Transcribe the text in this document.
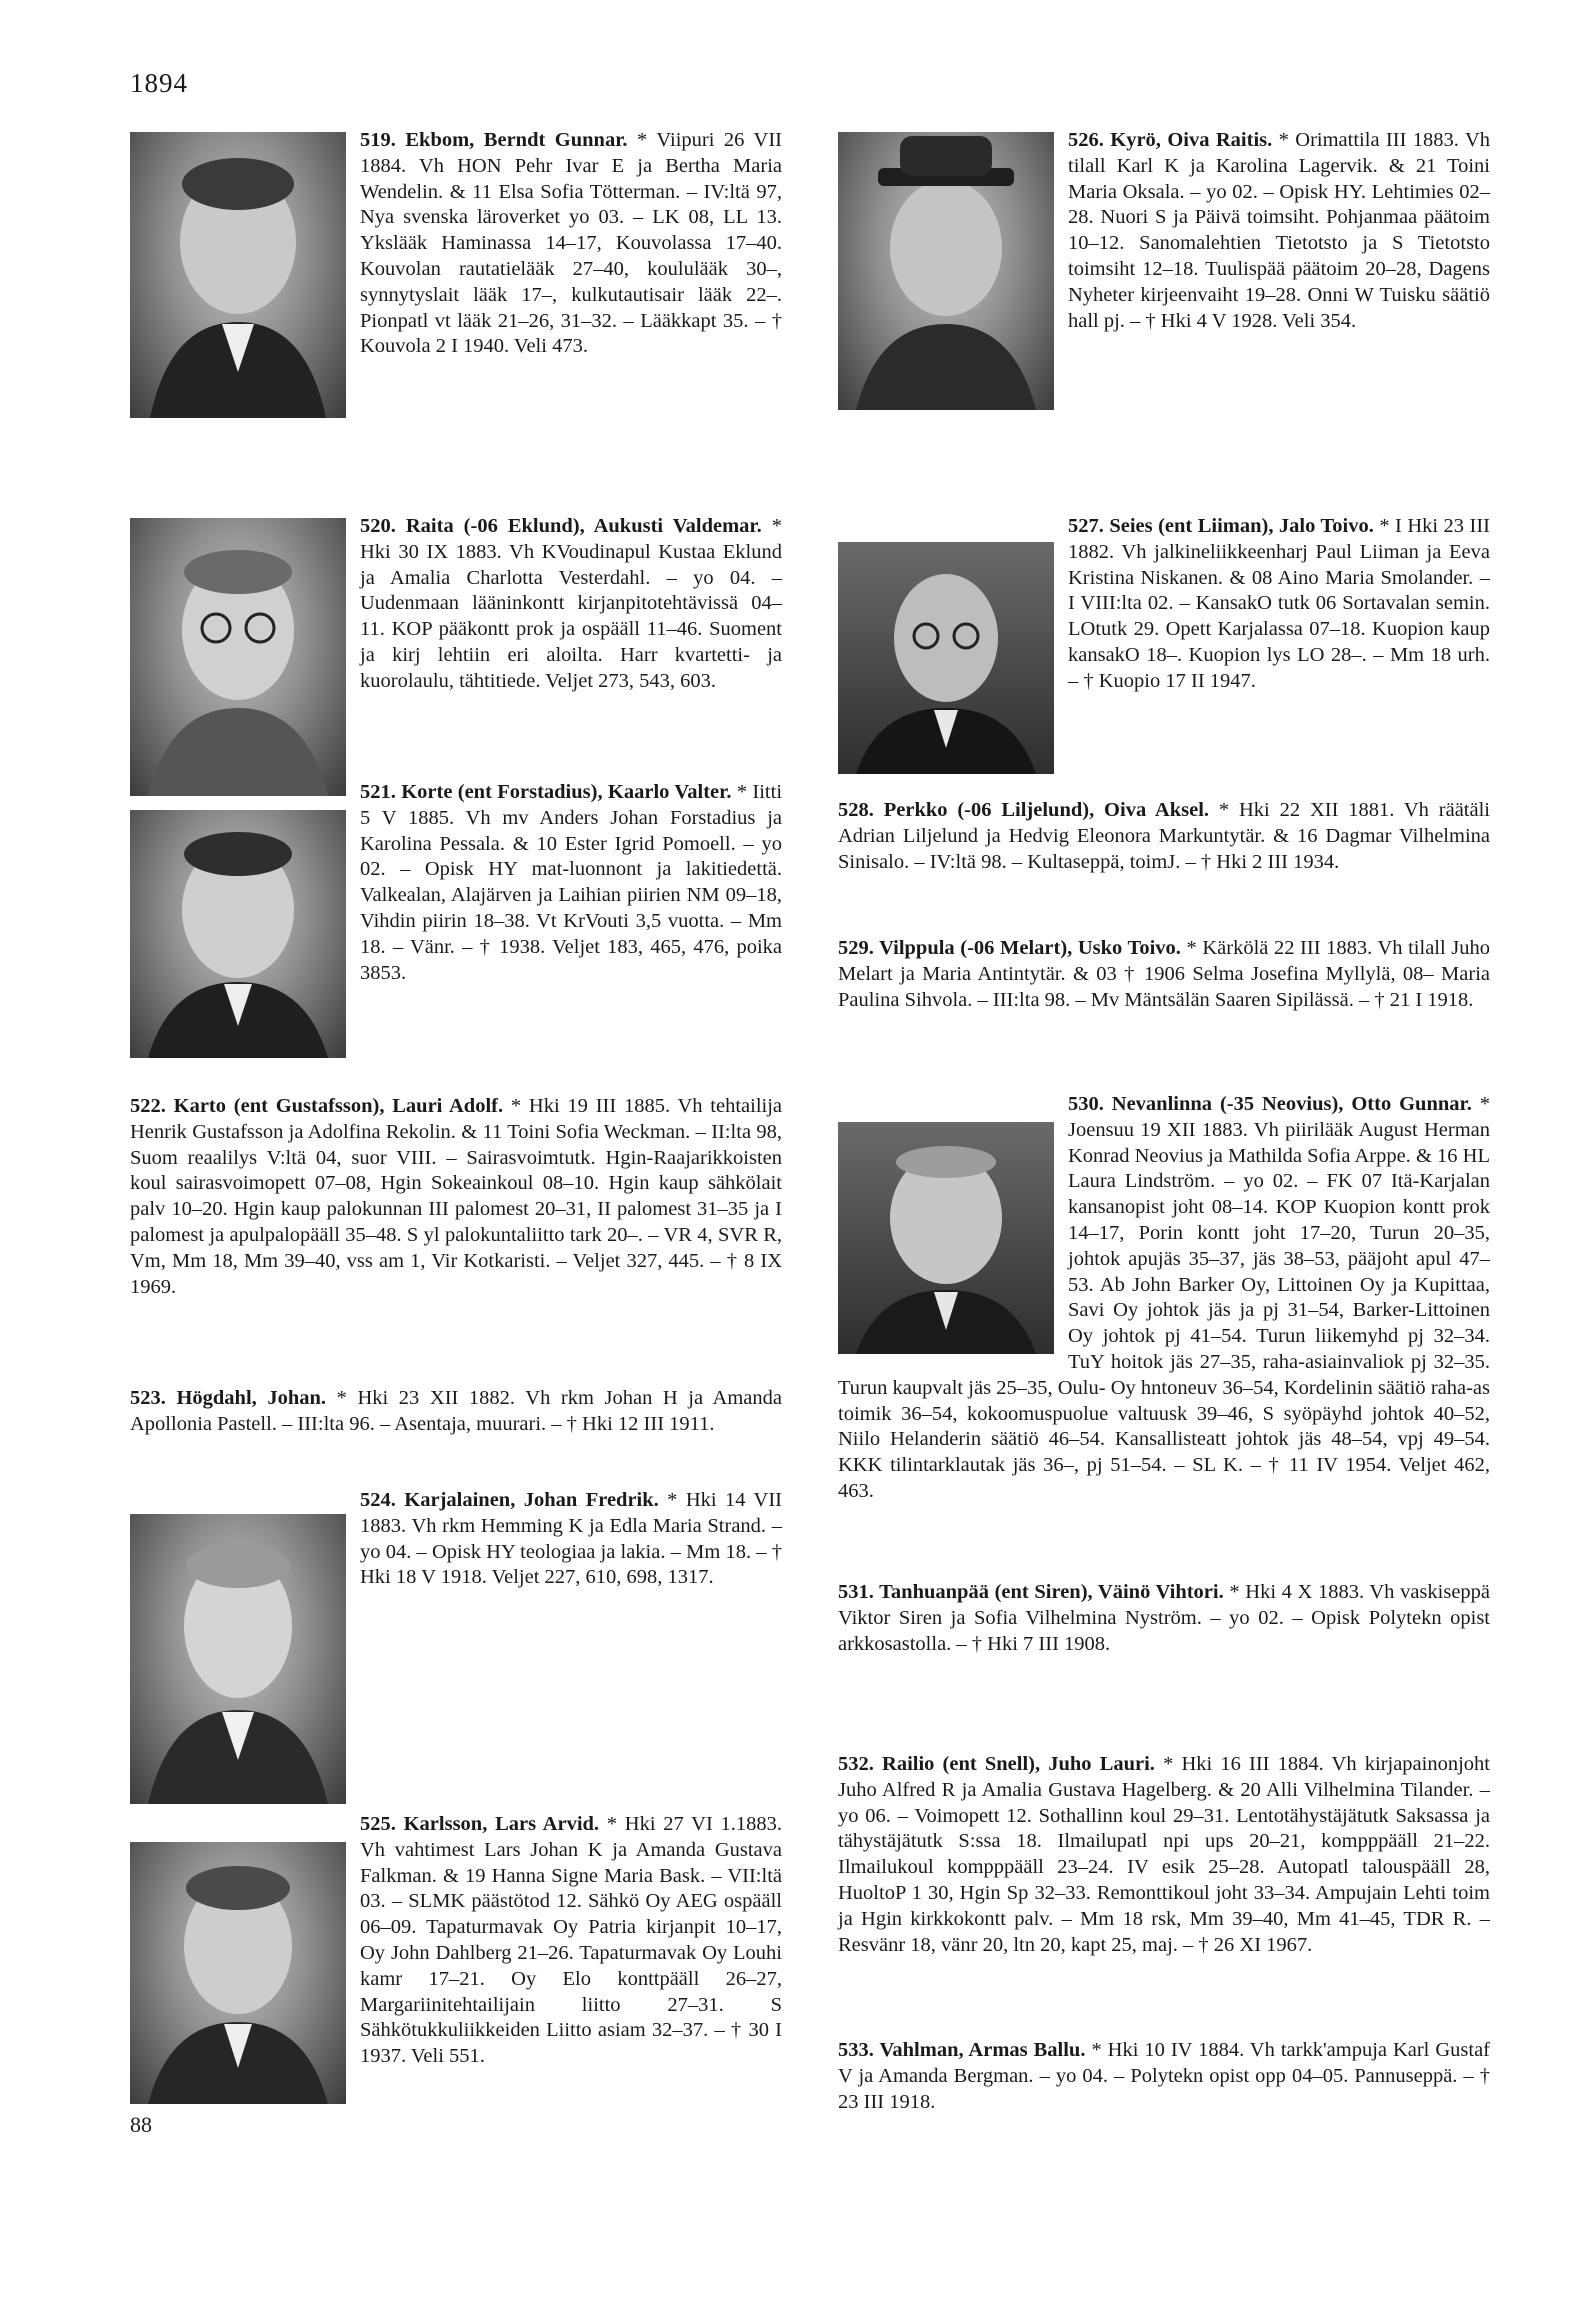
1894
519. Ekbom, Berndt Gunnar. * Viipuri 26 VII 1884. Vh HON Pehr Ivar E ja Bertha Maria Wendelin. & 11 Elsa Sofia Tötterman. – IV:ltä 97, Nya svenska läroverket yo 03. – LK 08, LL 13. Ykslääk Haminassa 14–17, Kouvolassa 17–40. Kouvolan rautatielääk 27–40, koululääk 30–, synnytyslait lääk 17–, kulkutautisair lääk 22–. Pionpatl vt lääk 21–26, 31–32. – Lääkkapt 35. – † Kouvola 2 I 1940. Veli 473.
520. Raita (-06 Eklund), Aukusti Valdemar. * Hki 30 IX 1883. Vh KVoudinapul Kustaa Eklund ja Amalia Charlotta Vesterdahl. – yo 04. – Uudenmaan lääninkontt kirjanpitotehtävissä 04–11. KOP pääkontt prok ja ospääll 11–46. Suoment ja kirj lehtiin eri aloilta. Harr kvartetti- ja kuorolaulu, tähtitiede. Veljet 273, 543, 603.
521. Korte (ent Forstadius), Kaarlo Valter. * Iitti 5 V 1885. Vh mv Anders Johan Forstadius ja Karolina Pessala. & 10 Ester Igrid Pomoell. – yo 02. – Opisk HY mat-luonnont ja lakitiedettä. Valkealan, Alajärven ja Laihian piirien NM 09–18, Vihdin piirin 18–38. Vt KrVouti 3,5 vuotta. – Mm 18. – Vänr. – † 1938. Veljet 183, 465, 476, poika 3853.
522. Karto (ent Gustafsson), Lauri Adolf. * Hki 19 III 1885. Vh tehtailija Henrik Gustafsson ja Adolfina Rekolin. & 11 Toini Sofia Weckman. – II:lta 98, Suom reaalilys V:ltä 04, suor VIII. – Sairasvoimtutk. Hgin-Raajarikkoisten koul sairasvoimopett 07–08, Hgin Sokeainkoul 08–10. Hgin kaup sähkölait palv 10–20. Hgin kaup palokunnan III palomest 20–31, II palomest 31–35 ja I palomest ja apulpalopääll 35–48. S yl palokuntaliitto tark 20–. – VR 4, SVR R, Vm, Mm 18, Mm 39–40, vss am 1, Vir Kotkaristi. – Veljet 327, 445. – † 8 IX 1969.
523. Högdahl, Johan. * Hki 23 XII 1882. Vh rkm Johan H ja Amanda Apollonia Pastell. – III:lta 96. – Asentaja, muurari. – † Hki 12 III 1911.
524. Karjalainen, Johan Fredrik. * Hki 14 VII 1883. Vh rkm Hemming K ja Edla Maria Strand. – yo 04. – Opisk HY teologiaa ja lakia. – Mm 18. – † Hki 18 V 1918. Veljet 227, 610, 698, 1317.
525. Karlsson, Lars Arvid. * Hki 27 VI 1.1883. Vh vahtimest Lars Johan K ja Amanda Gustava Falkman. & 19 Hanna Signe Maria Bask. – VII:ltä 03. – SLMK päästötod 12. Sähkö Oy AEG ospääll 06–09. Tapaturmavak Oy Patria kirjanpit 10–17, Oy John Dahlberg 21–26. Tapaturmavak Oy Louhi kamr 17–21. Oy Elo konttpääll 26–27, Margariinitehtailijain liitto 27–31. S Sähkötukkuliikkeiden Liitto asiam 32–37. – † 30 I 1937. Veli 551.
526. Kyrö, Oiva Raitis. * Orimattila III 1883. Vh tilall Karl K ja Karolina Lagervik. & 21 Toini Maria Oksala. – yo 02. – Opisk HY. Lehtimies 02–28. Nuori S ja Päivä toimsiht. Pohjanmaa päätoim 10–12. Sanomalehtien Tietotsto ja S Tietotsto toimsiht 12–18. Tuulispää päätoim 20–28, Dagens Nyheter kirjeenvaiht 19–28. Onni W Tuisku säätiö hall pj. – † Hki 4 V 1928. Veli 354.
527. Seies (ent Liiman), Jalo Toivo. * I Hki 23 III 1882. Vh jalkineliikkeenharj Paul Liiman ja Eeva Kristina Niskanen. & 08 Aino Maria Smolander. – I VIII:lta 02. – KansakO tutk 06 Sortavalan semin. LOtutk 29. Opett Karjalassa 07–18. Kuopion kaup kansakO 18–. Kuopion lys LO 28–. – Mm 18 urh. – † Kuopio 17 II 1947.
528. Perkko (-06 Liljelund), Oiva Aksel. * Hki 22 XII 1881. Vh räätäli Adrian Liljelund ja Hedvig Eleonora Markuntytär. & 16 Dagmar Vilhelmina Sinisalo. – IV:ltä 98. – Kultaseppä, toimJ. – † Hki 2 III 1934.
529. Vilppula (-06 Melart), Usko Toivo. * Kärkölä 22 III 1883. Vh tilall Juho Melart ja Maria Antintytär. & 03 † 1906 Selma Josefina Myllylä, 08– Maria Paulina Sihvola. – III:lta 98. – Mv Mäntsälän Saaren Sipilässä. – † 21 I 1918.
530. Nevanlinna (-35 Neovius), Otto Gunnar. * Joensuu 19 XII 1883. Vh piirilääk August Herman Konrad Neovius ja Mathilda Sofia Arppe. & 16 HL Laura Lindström. – yo 02. – FK 07 Itä-Karjalan kansanopist joht 08–14. KOP Kuopion kontt prok 14–17, Porin kontt joht 17–20, Turun 20–35, johtok apujäs 35–37, jäs 38–53, pääjoht apul 47–53. Ab John Barker Oy, Littoinen Oy ja Kupittaa, Savi Oy johtok jäs ja pj 31–54, Barker-Littoinen Oy johtok pj 41–54. Turun liikemyhd pj 32–34. TuY hoitok jäs 27–35, raha-asiainvaliok pj 32–35. Turun kaupvalt jäs 25–35, Oulu- Oy hntoneuv 36–54, Kordelinin säätiö raha-as toimik 36–54, kokoomuspuolue valtuusk 39–46, S syöpäyhd johtok 40–52, Niilo Helanderin säätiö 46–54. Kansallisteatt johtok jäs 48–54, vpj 49–54. KKK tilintarklautak jäs 36–, pj 51–54. – SL K. – † 11 IV 1954. Veljet 462, 463.
531. Tanhuanpää (ent Siren), Väinö Vihtori. * Hki 4 X 1883. Vh vaskiseppä Viktor Siren ja Sofia Vilhelmina Nyström. – yo 02. – Opisk Polytekn opist arkkosastolla. – † Hki 7 III 1908.
532. Railio (ent Snell), Juho Lauri. * Hki 16 III 1884. Vh kirjapainonjoht Juho Alfred R ja Amalia Gustava Hagelberg. & 20 Alli Vilhelmina Tilander. – yo 06. – Voimopett 12. Sothallinn koul 29–31. Lentotähystäjätutk Saksassa ja tähystäjätutk S:ssa 18. Ilmailupatl npi ups 20–21, kompppääll 21–22. Ilmailukoul kompppääll 23–24. IV esik 25–28. Autopatl talouspääll 28, HuoltoP 1 30, Hgin Sp 32–33. Remonttikoul joht 33–34. Ampujain Lehti toim ja Hgin kirkkokontt palv. – Mm 18 rsk, Mm 39–40, Mm 41–45, TDR R. – Resvänr 18, vänr 20, ltn 20, kapt 25, maj. – † 26 XI 1967.
533. Vahlman, Armas Ballu. * Hki 10 IV 1884. Vh tarkk'ampuja Karl Gustaf V ja Amanda Bergman. – yo 04. – Polytekn opist opp 04–05. Pannuseppä. – † 23 III 1918.
88
